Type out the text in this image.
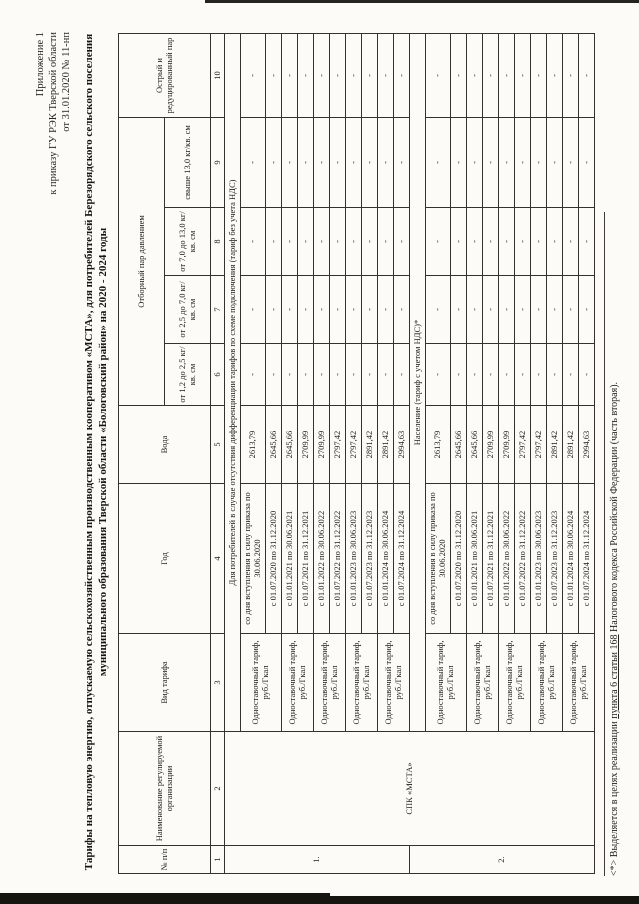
Приложение 1 к приказу ГУ РЭК Тверской области от 31.01.2020 № 11-нп Тарифы на тепловую энергию, отпускаемую сельскохозяйственным производственным кооперативом «МСТА», для потребителей Березорядского сельского поселения муниципального образования Тверской области «Бологовский район» на 2020 - 2024 годы
№ п/п	Наименование регулируемой организации	Вид тарифа	Год	Вода	Отборный пар давлением				Острый и редуцированный пар
					от 1,2 до 2,5 кг/кв. см	от 2,5 до 7,0 кг/кв. см	от 7,0 до 13,0 кг/кв. см	свыше 13,0 кг/кв. см	
1	2	3	4	5	6	7	8	9	10
1.	СПК «МСТА»	Для потребителей в случае отсутствия дифференциации тарифов по схеме подключения (тариф без учета НДС)							
		Одноставочный тариф, руб./Гкал	со дня вступления в силу приказа по 30.06.2020	2613,79	-	-	-	-	-
			с 01.07.2020 по 31.12.2020	2645,66	-	-	-	-	-
		Одноставочный тариф, руб./Гкал	с 01.01.2021 по 30.06.2021	2645,66	-	-	-	-	-
			с 01.07.2021 по 31.12.2021	2709,99	-	-	-	-	-
		Одноставочный тариф, руб./Гкал	с 01.01.2022 по 30.06.2022	2709,99	-	-	-	-	-
			с 01.07.2022 по 31.12.2022	2797,42	-	-	-	-	-
		Одноставочный тариф, руб./Гкал	с 01.01.2023 по 30.06.2023	2797,42	-	-	-	-	-
			с 01.07.2023 по 31.12.2023	2891,42	-	-	-	-	-
		Одноставочный тариф, руб./Гкал	с 01.01.2024 по 30.06.2024	2891,42	-	-	-	-	-
			с 01.07.2024 по 31.12.2024	2994,63	-	-	-	-	-
2.		Население (тариф с учетом НДС)*							
		Одноставочный тариф, руб./Гкал	со дня вступления в силу приказа по 30.06.2020	2613,79	-	-	-	-	-
			с 01.07.2020 по 31.12.2020	2645,66	-	-	-	-	-
		Одноставочный тариф, руб./Гкал	с 01.01.2021 по 30.06.2021	2645,66	-	-	-	-	-
			с 01.07.2021 по 31.12.2021	2709,99	-	-	-	-	-
		Одноставочный тариф, руб./Гкал	с 01.01.2022 по 30.06.2022	2709,99	-	-	-	-	-
			с 01.07.2022 по 31.12.2022	2797,42	-	-	-	-	-
		Одноставочный тариф, руб./Гкал	с 01.01.2023 по 30.06.2023	2797,42	-	-	-	-	-
			с 01.07.2023 по 31.12.2023	2891,42	-	-	-	-	-
		Одноставочный тариф, руб./Гкал	с 01.01.2024 по 30.06.2024	2891,42	-	-	-	-	-
			с 01.07.2024 по 31.12.2024	2994,63	-	-	-	-	-
<*> Выделяется в целях реализации пункта 6 статьи 168 Налогового кодекса Российской Федерации (часть вторая).
